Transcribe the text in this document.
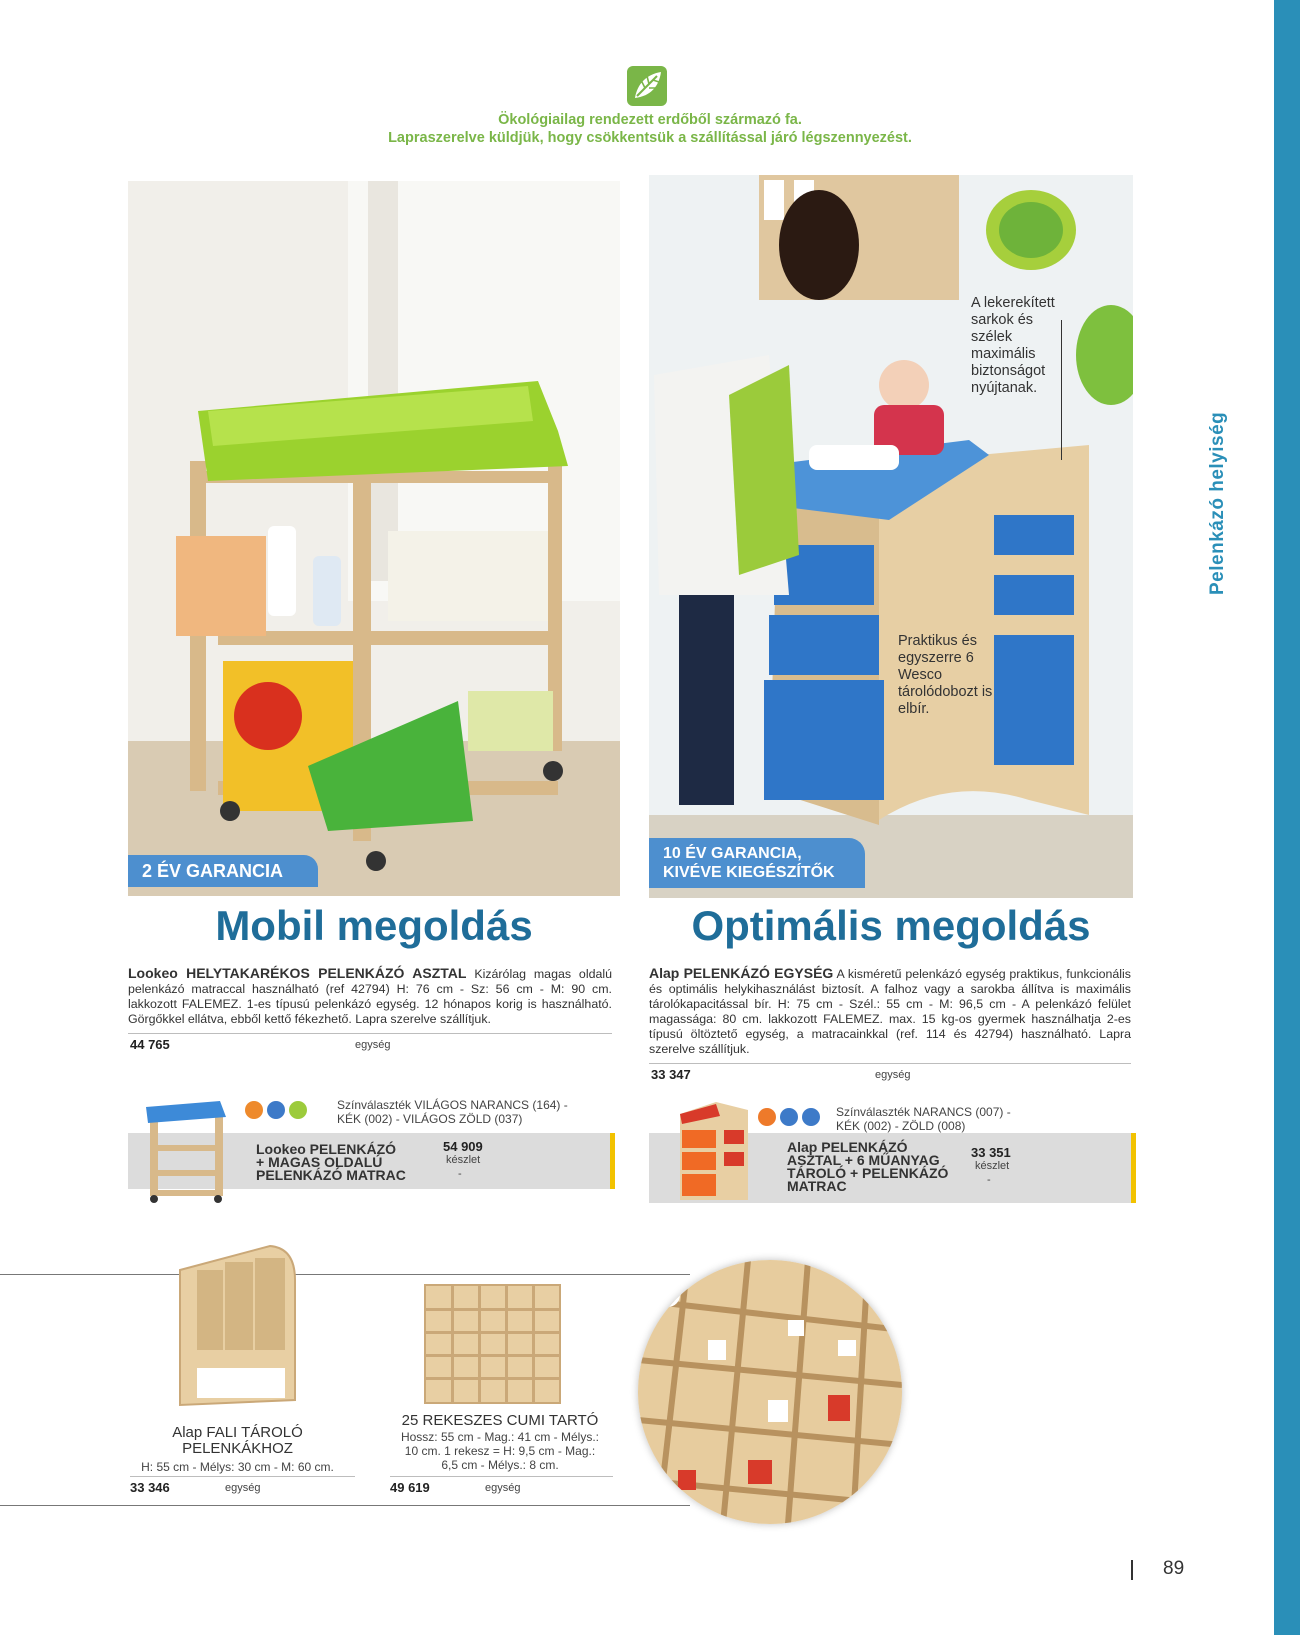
Pelenkázó helyiség
Ökológiailag rendezett erdőből származó fa.
Lapraszerelve küldjük, hogy csökkentsük a szállítással járó légszennyezést.
2 ÉV GARANCIA
A lekerekített sarkok és szélek maximális biztonságot nyújtanak.
Praktikus és egyszerre 6 Wesco tárolódobozt is elbír.
10 ÉV GARANCIA,
KIVÉVE KIEGÉSZÍTŐK
Mobil megoldás	Optimális megoldás
Lookeo HELYTAKARÉKOS PELENKÁZÓ ASZTAL Kizárólag magas oldalú pelenkázó matraccal használható (ref 42794) H: 76 cm - Sz: 56 cm - M: 90 cm. lakkozott FALEMEZ. 1-es típusú pelenkázó egység. 12 hónapos korig is használható. Görgőkkel ellátva, ebből kettő fékezhető. Lapra szerelve szállítjuk.
44 765	egység
Alap PELENKÁZÓ EGYSÉG A kisméretű pelenkázó egység praktikus, funkcionális és optimális helykihasználást biztosít. A falhoz vagy a sarokba állítva is maximális tárolókapacitással bír. H: 75 cm - Szél.: 55 cm - M: 96,5 cm - A pelenkázó felület magassága: 80 cm. lakkozott FALEMEZ. max. 15 kg-os gyermek használhatja 2-es típusú öltöztető egység, a matracainkkal (ref. 114 és 42794) használható. Lapra szerelve szállítjuk.
33 347	egység
Színválaszték VILÁGOS NARANCS (164) - KÉK (002) - VILÁGOS ZÖLD (037)
Lookeo PELENKÁZÓ
+ MAGAS OLDALÚ
PELENKÁZÓ MATRAC
54 909
készlet
-
Színválaszték NARANCS (007) - KÉK (002) - ZÖLD (008)
Alap PELENKÁZÓ
ASZTAL + 6 MŰANYAG
TÁROLÓ + PELENKÁZÓ
MATRAC
33 351
készlet
-
Alap FALI TÁROLÓ
PELENKÁKHOZ
H: 55 cm - Mélys: 30 cm - M: 60 cm.
33 346	egység
25 REKESZES CUMI TARTÓ
Hossz: 55 cm - Mag.: 41 cm - Mélys.:
10 cm. 1 rekesz = H: 9,5 cm - Mag.:
6,5 cm - Mélys.: 8 cm.
49 619	egység
89
